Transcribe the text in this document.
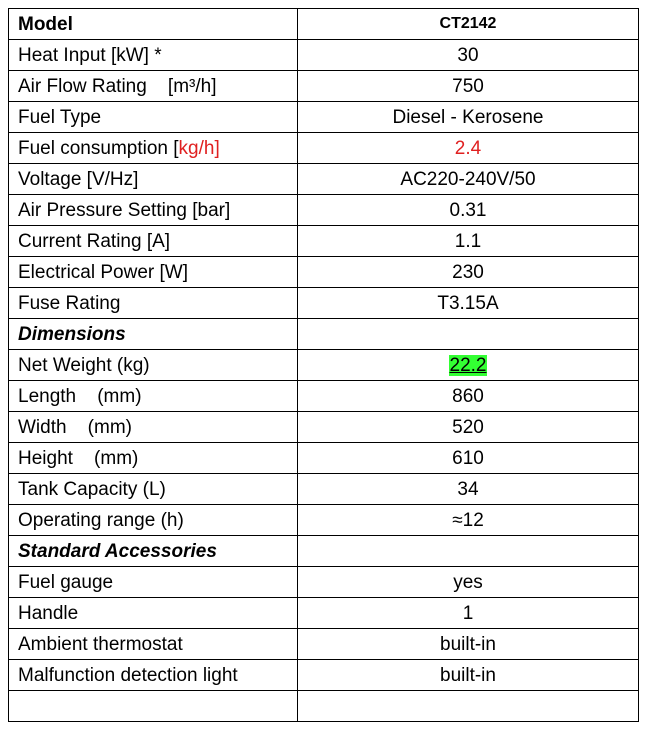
Model	CT2142
Heat Input [kW] *	30
Air Flow Rating    [m³/h]	750
Fuel Type	Diesel - Kerosene
Fuel consumption [kg/h]	2.4
Voltage [V/Hz]	AC220-240V/50
Air Pressure Setting [bar]	0.31
Current Rating [A]	1.1
Electrical Power [W]	230
Fuse Rating	T3.15A
Dimensions	
Net Weight (kg)	22.2
Length    (mm)	860
Width    (mm)	520
Height    (mm)	610
Tank Capacity (L)	34
Operating range (h)	≈12
Standard Accessories	
Fuel gauge	yes
Handle	1
Ambient thermostat	built-in
Malfunction detection light	built-in
